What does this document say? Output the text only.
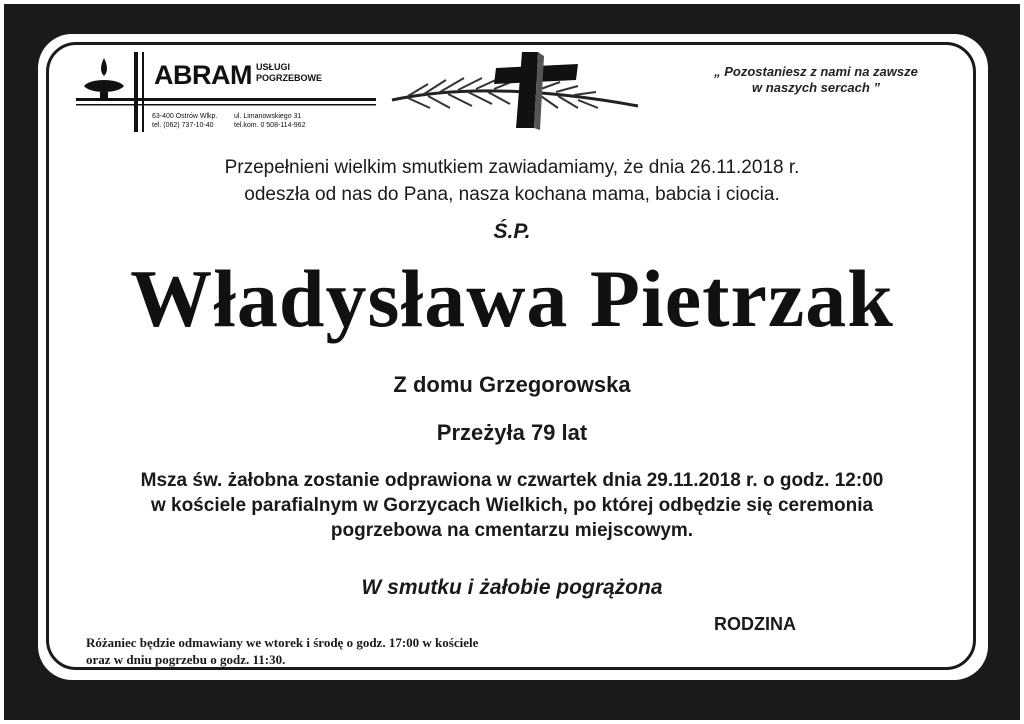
ABRAM USŁUGI
POGRZEBOWE
63-400 Ostrów Wlkp.
tel. (062) 737-10-40
ul. Limanowskiego 31
tel.kom. 0 508-114-962
„ Pozostaniesz z nami na zawsze
w naszych sercach ”
Przepełnieni wielkim smutkiem zawiadamiamy, że dnia 26.11.2018 r.
odeszła od nas do Pana, nasza kochana mama, babcia i ciocia.
Ś.P.
Władysława Pietrzak
Z domu Grzegorowska
Przeżyła 79 lat
Msza św. żałobna zostanie odprawiona w czwartek dnia 29.11.2018 r. o godz. 12:00
w kościele parafialnym w Gorzycach Wielkich, po której odbędzie się ceremonia
pogrzebowa na cmentarzu miejscowym.
W smutku i żałobie pogrążona
RODZINA
Różaniec będzie odmawiany we wtorek i środę o godz. 17:00 w kościele
oraz w dniu pogrzebu o godz. 11:30.
